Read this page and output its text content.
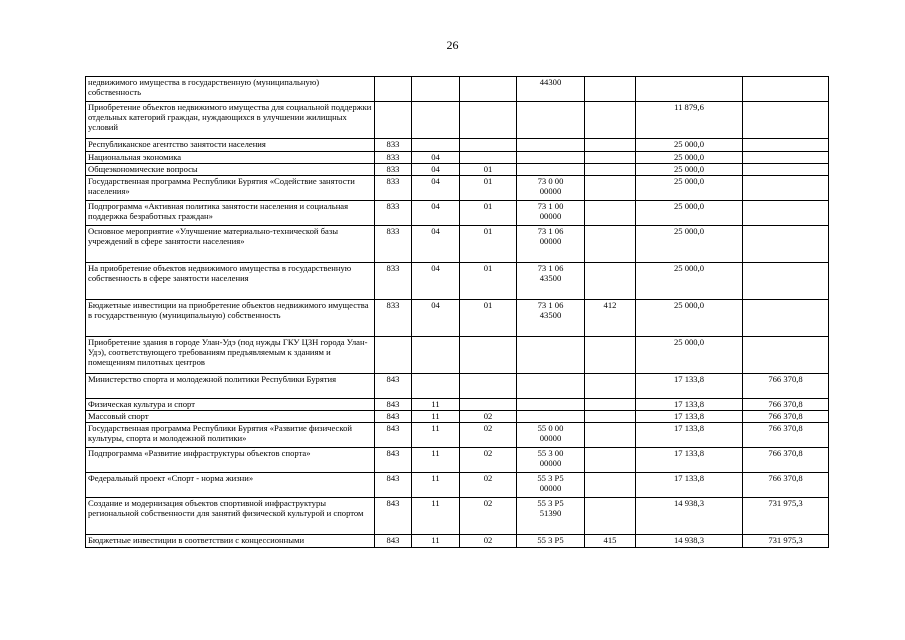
26
недвижимого имущества в государственную (муниципальную) собственность				44300			
Приобретение объектов недвижимого имущества для социальной поддержки отдельных категорий граждан, нуждающихся в улучшении жилищных условий						11 879,6	
Республиканское агентство занятости населения	833					25 000,0	
Национальная экономика	833	04				25 000,0	
Общеэкономические вопросы	833	04	01			25 000,0	
Государственная программа Республики Бурятия «Содействие занятости населения»	833	04	01	73 0 00
00000		25 000,0	
Подпрограмма «Активная политика занятости населения и социальная поддержка безработных граждан»	833	04	01	73 1 00
00000		25 000,0	
Основное мероприятие «Улучшение материально-технической базы учреждений в сфере занятости населения»	833	04	01	73 1 06
00000		25 000,0	
На приобретение объектов недвижимого имущества в государственную собственность в сфере занятости населения	833	04	01	73 1 06
43500		25 000,0	
Бюджетные инвестиции на приобретение объектов недвижимого имущества в государственную (муниципальную) собственность	833	04	01	73 1 06
43500	412	25 000,0	
Приобретение здания в городе Улан-Удэ (под нужды ГКУ ЦЗН города Улан-Удэ), соответствующего требованиям предъявляемым к зданиям и помещениям пилотных центров						25 000,0	
Министерство спорта и молодежной политики Республики Бурятия	843					17 133,8	766 370,8
Физическая культура и спорт	843	11				17 133,8	766 370,8
Массовый спорт	843	11	02			17 133,8	766 370,8
Государственная программа Республики Бурятия «Развитие физической культуры, спорта и молодежной политики»	843	11	02	55 0 00
00000		17 133,8	766 370,8
Подпрограмма «Развитие инфраструктуры объектов спорта»	843	11	02	55 3 00
00000		17 133,8	766 370,8
Федеральный проект «Спорт - норма жизни»	843	11	02	55 3 P5
00000		17 133,8	766 370,8
Создание и модернизация объектов спортивной инфраструктуры региональной собственности для занятий физической культурой и спортом	843	11	02	55 3 P5
51390		14 938,3	731 975,3
Бюджетные инвестиции в соответствии с концессионными	843	11	02	55 3 P5	415	14 938,3	731 975,3
